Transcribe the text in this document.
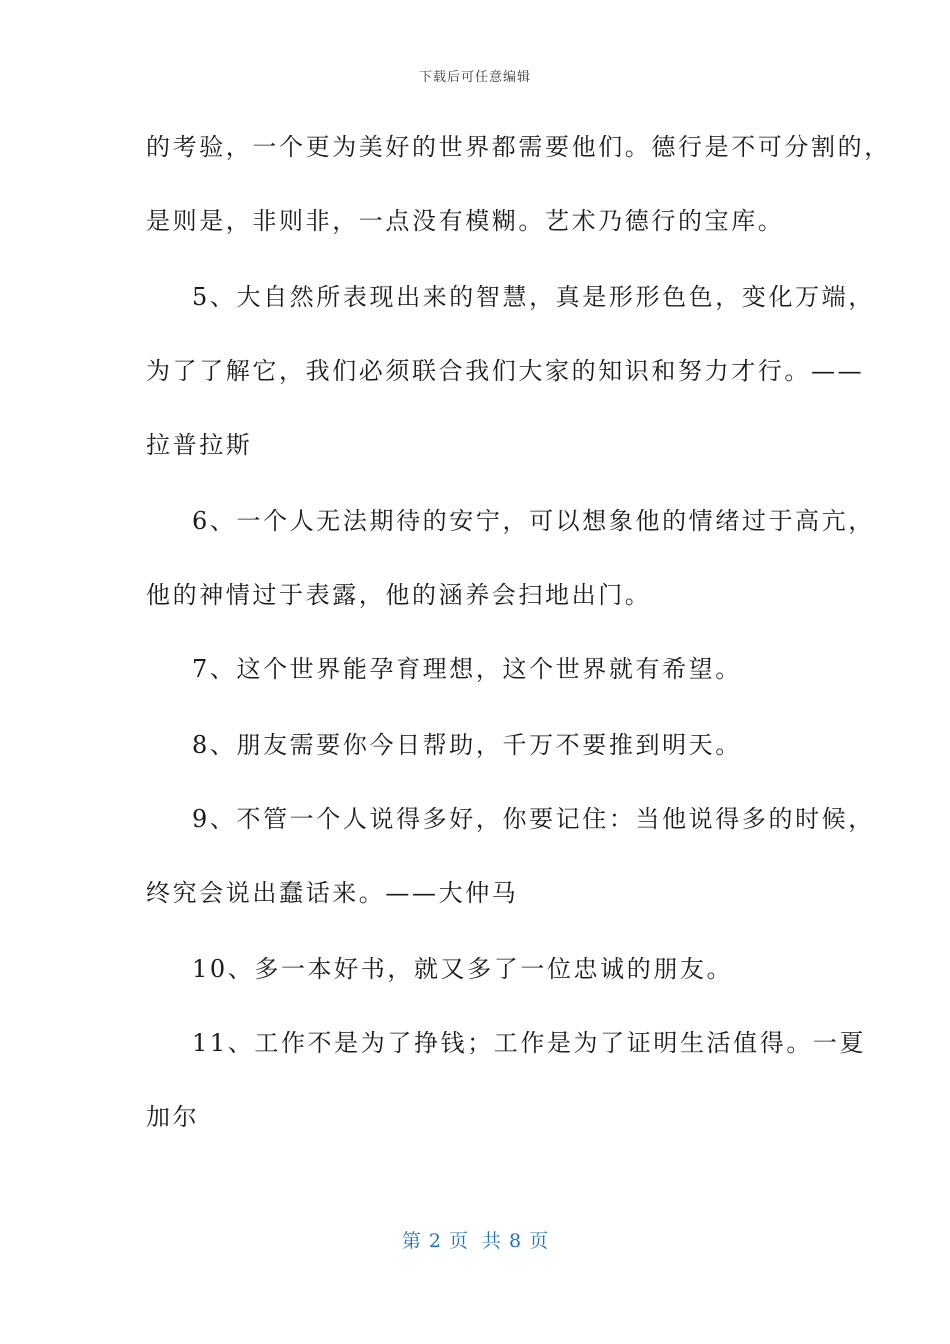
下载后可任意编辑
的考验，一个更为美好的世界都需要他们。德行是不可分割的，
是则是，非则非，一点没有模糊。艺术乃德行的宝库。
5、大自然所表现出来的智慧，真是形形色色，变化万端，
为了了解它，我们必须联合我们大家的知识和努力才行。——
拉普拉斯
6、一个人无法期待的安宁，可以想象他的情绪过于高亢，
他的神情过于表露，他的涵养会扫地出门。
7、这个世界能孕育理想，这个世界就有希望。
8、朋友需要你今日帮助，千万不要推到明天。
9、不管一个人说得多好，你要记住：当他说得多的时候，
终究会说出蠢话来。——大仲马
10、多一本好书，就又多了一位忠诚的朋友。
11、工作不是为了挣钱；工作是为了证明生活值得。一夏
加尔
第 2 页 共 8 页
